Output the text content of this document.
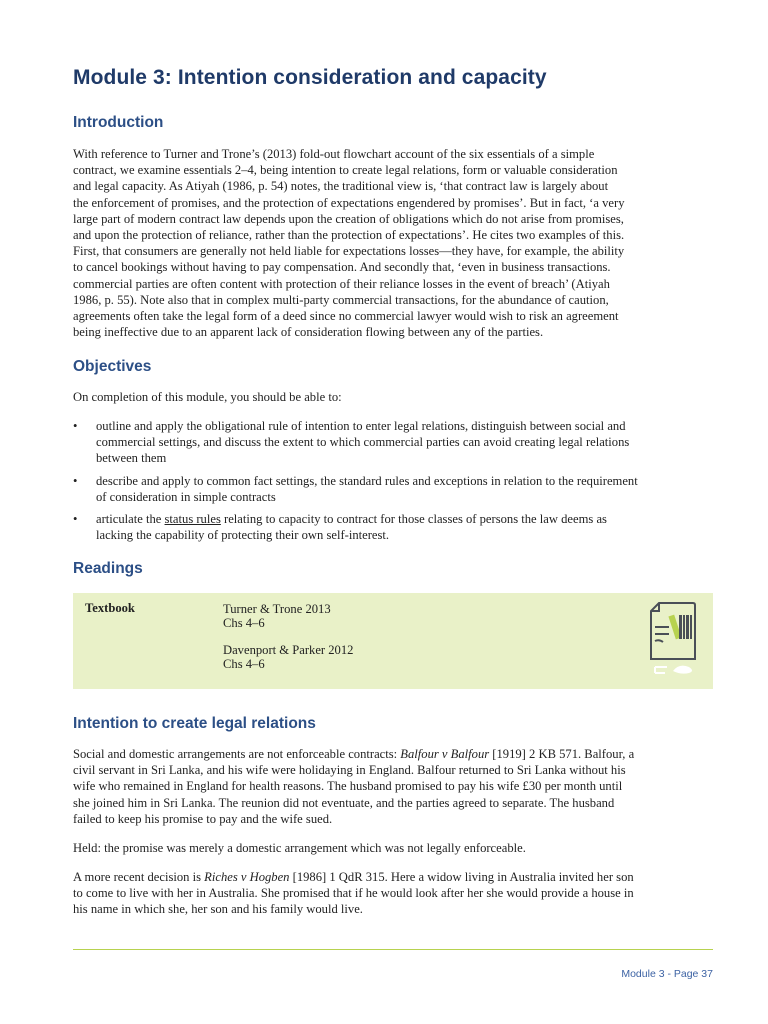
Module 3: Intention consideration and capacity
Introduction
With reference to Turner and Trone’s (2013) fold-out flowchart account of the six essentials of a simple
contract, we examine essentials 2–4, being intention to create legal relations, form or valuable consideration
and legal capacity. As Atiyah (1986, p. 54) notes, the traditional view is, ‘that contract law is largely about
the enforcement of promises, and the protection of expectations engendered by promises’. But in fact, ‘a very
large part of modern contract law depends upon the creation of obligations which do not arise from promises,
and upon the protection of reliance, rather than the protection of expectations’. He cites two examples of this.
First, that consumers are generally not held liable for expectations losses—they have, for example, the ability
to cancel bookings without having to pay compensation. And secondly that, ‘even in business transactions.
commercial parties are often content with protection of their reliance losses in the event of breach’ (Atiyah
1986, p. 55). Note also that in complex multi-party commercial transactions, for the abundance of caution,
agreements often take the legal form of a deed since no commercial lawyer would wish to risk an agreement
being ineffective due to an apparent lack of consideration flowing between any of the parties.
Objectives
On completion of this module, you should be able to:
•	outline and apply the obligational rule of intention to enter legal relations, distinguish between social and
commercial settings, and discuss the extent to which commercial parties can avoid creating legal relations
between them
•	describe and apply to common fact settings, the standard rules and exceptions in relation to the requirement
of consideration in simple contracts
•	articulate the status rules relating to capacity to contract for those classes of persons the law deems as
lacking the capability of protecting their own self-interest.
Readings
Textbook	Turner & Trone 2013
Chs 4–6
Davenport & Parker 2012
Chs 4–6
Intention to create legal relations
Social and domestic arrangements are not enforceable contracts: Balfour v Balfour [1919] 2 KB 571. Balfour, a
civil servant in Sri Lanka, and his wife were holidaying in England. Balfour returned to Sri Lanka without his
wife who remained in England for health reasons. The husband promised to pay his wife £30 per month until
she joined him in Sri Lanka. The reunion did not eventuate, and the parties agreed to separate. The husband
failed to keep his promise to pay and the wife sued.
Held: the promise was merely a domestic arrangement which was not legally enforceable.
A more recent decision is Riches v Hogben [1986] 1 QdR 315. Here a widow living in Australia invited her son
to come to live with her in Australia. She promised that if he would look after her she would provide a house in
his name in which she, her son and his family would live.
Module 3 - Page 37
